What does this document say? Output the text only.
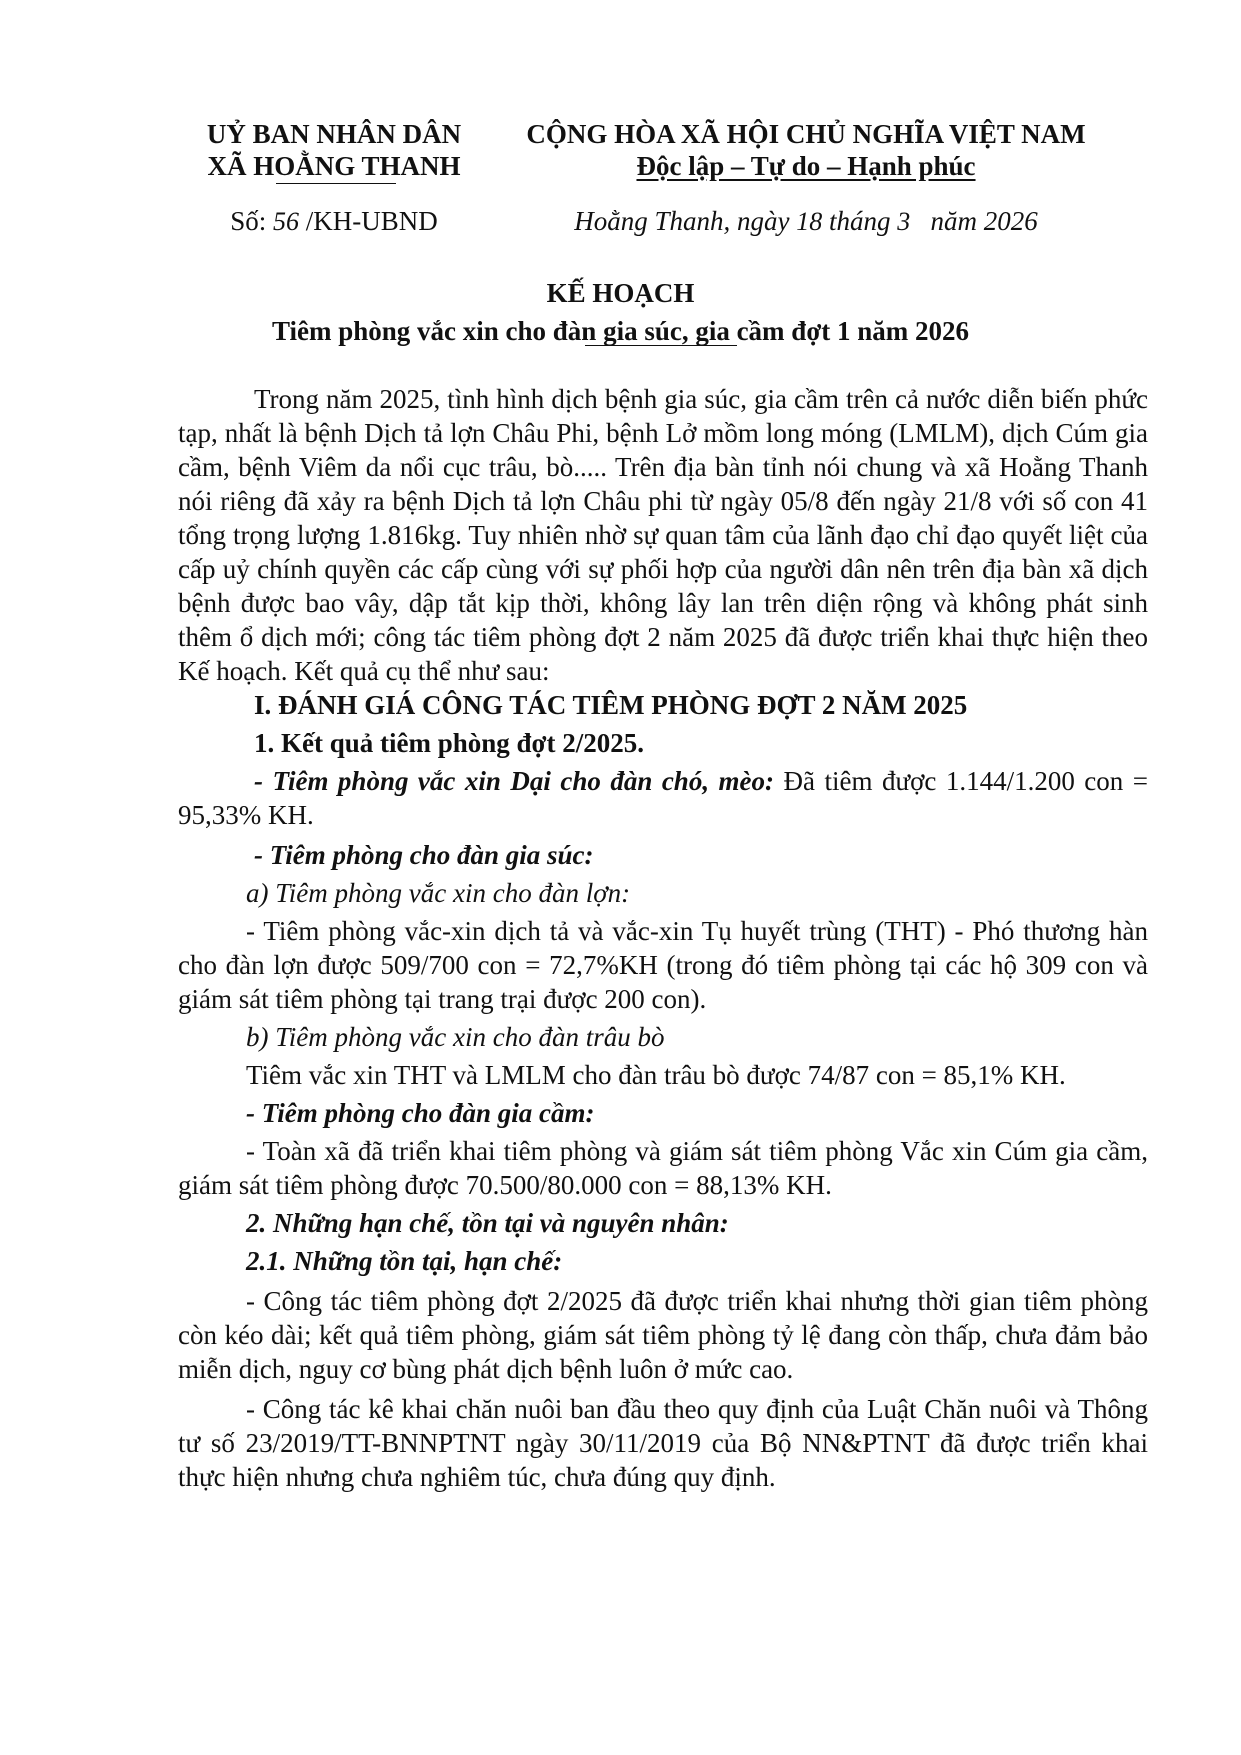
UỶ BAN NHÂN DÂN
XÃ HOẰNG THANH
CỘNG HÒA XÃ HỘI CHỦ NGHĨA VIỆT NAM
Độc lập – Tự do – Hạnh phúc
Số: 56 /KH-UBND	Hoằng Thanh, ngày 18 tháng 3 năm 2026
KẾ HOẠCH
Tiêm phòng vắc xin cho đàn gia súc, gia cầm đợt 1 năm 2026

Trong năm 2025, tình hình dịch bệnh gia súc, gia cầm trên cả nước diễn biến phức tạp, nhất là bệnh Dịch tả lợn Châu Phi, bệnh Lở mồm long móng (LMLM), dịch Cúm gia cầm, bệnh Viêm da nổi cục trâu, bò..... Trên địa bàn tỉnh nói chung và xã Hoằng Thanh nói riêng đã xảy ra bệnh Dịch tả lợn Châu phi từ ngày 05/8 đến ngày 21/8 với số con 41 tổng trọng lượng 1.816kg. Tuy nhiên nhờ sự quan tâm của lãnh đạo chỉ đạo quyết liệt của cấp uỷ chính quyền các cấp cùng với sự phối hợp của người dân nên trên địa bàn xã dịch bệnh được bao vây, dập tắt kịp thời, không lây lan trên diện rộng và không phát sinh thêm ổ dịch mới; công tác tiêm phòng đợt 2 năm 2025 đã được triển khai thực hiện theo Kế hoạch. Kết quả cụ thể như sau:

I. ĐÁNH GIÁ CÔNG TÁC TIÊM PHÒNG ĐỢT 2 NĂM 2025

1. Kết quả tiêm phòng đợt 2/2025.

- Tiêm phòng vắc xin Dại cho đàn chó, mèo: Đã tiêm được 1.144/1.200 con = 95,33% KH.

- Tiêm phòng cho đàn gia súc:

a) Tiêm phòng vắc xin cho đàn lợn:

- Tiêm phòng vắc-xin dịch tả và vắc-xin Tụ huyết trùng (THT) - Phó thương hàn cho đàn lợn được 509/700 con = 72,7%KH (trong đó tiêm phòng tại các hộ 309 con và giám sát tiêm phòng tại trang trại được 200 con).

b) Tiêm phòng vắc xin cho đàn trâu bò

Tiêm vắc xin THT và LMLM cho đàn trâu bò được 74/87 con = 85,1% KH.

- Tiêm phòng cho đàn gia cầm:

- Toàn xã đã triển khai tiêm phòng và giám sát tiêm phòng Vắc xin Cúm gia cầm, giám sát tiêm phòng được 70.500/80.000 con = 88,13% KH.

2. Những hạn chế, tồn tại và nguyên nhân:

2.1. Những tồn tại, hạn chế:

- Công tác tiêm phòng đợt 2/2025 đã được triển khai nhưng thời gian tiêm phòng còn kéo dài; kết quả tiêm phòng, giám sát tiêm phòng tỷ lệ đang còn thấp, chưa đảm bảo miễn dịch, nguy cơ bùng phát dịch bệnh luôn ở mức cao.

- Công tác kê khai chăn nuôi ban đầu theo quy định của Luật Chăn nuôi và Thông tư số 23/2019/TT-BNNPTNT ngày 30/11/2019 của Bộ NN&PTNT đã được triển khai thực hiện nhưng chưa nghiêm túc, chưa đúng quy định.
